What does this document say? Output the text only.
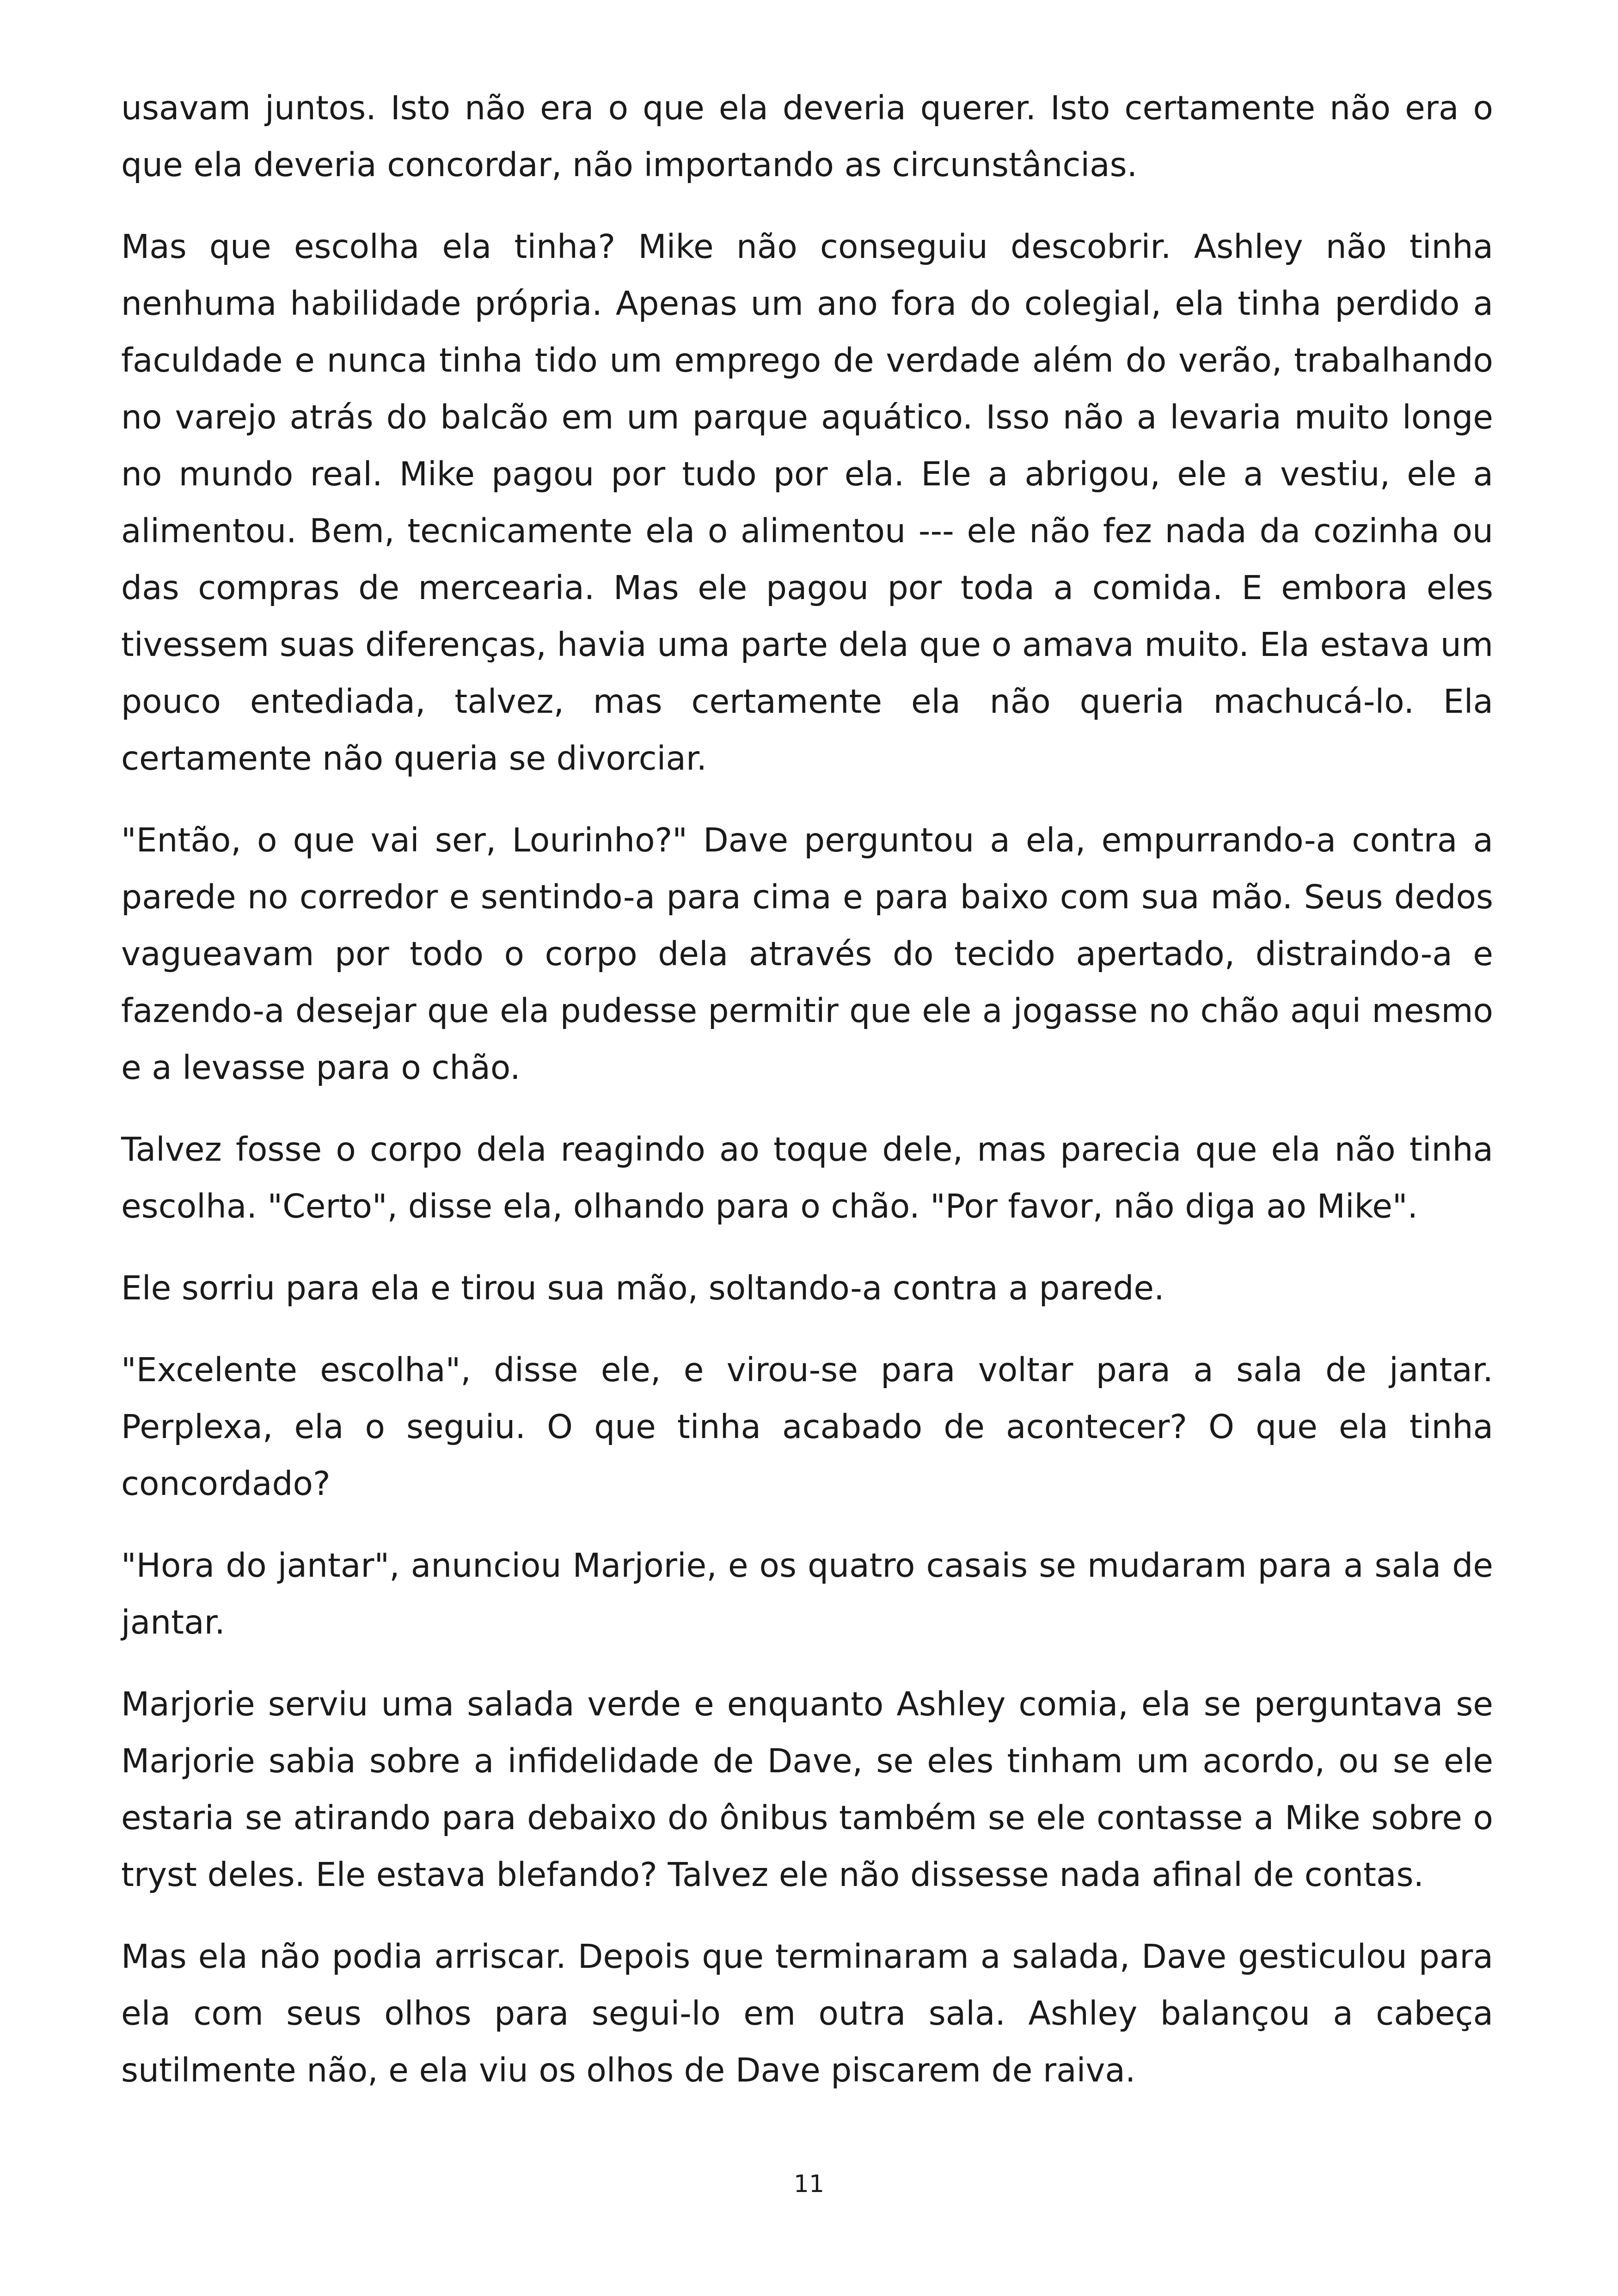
usavam juntos. Isto não era o que ela deveria querer. Isto certamente não era o que ela deveria concordar, não importando as circunstâncias.

Mas que escolha ela tinha? Mike não conseguiu descobrir. Ashley não tinha nenhuma habilidade própria. Apenas um ano fora do colegial, ela tinha perdido a faculdade e nunca tinha tido um emprego de verdade além do verão, trabalhando no varejo atrás do balcão em um parque aquático. Isso não a levaria muito longe no mundo real. Mike pagou por tudo por ela. Ele a abrigou, ele a vestiu, ele a alimentou. Bem, tecnicamente ela o alimentou --- ele não fez nada da cozinha ou das compras de mercearia. Mas ele pagou por toda a comida. E embora eles tivessem suas diferenças, havia uma parte dela que o amava muito. Ela estava um pouco entediada, talvez, mas certamente ela não queria machucá-lo. Ela certamente não queria se divorciar.

"Então, o que vai ser, Lourinho?" Dave perguntou a ela, empurrando-a contra a parede no corredor e sentindo-a para cima e para baixo com sua mão. Seus dedos vagueavam por todo o corpo dela através do tecido apertado, distraindo-a e fazendo-a desejar que ela pudesse permitir que ele a jogasse no chão aqui mesmo e a levasse para o chão.

Talvez fosse o corpo dela reagindo ao toque dele, mas parecia que ela não tinha escolha. "Certo", disse ela, olhando para o chão. "Por favor, não diga ao Mike".

Ele sorriu para ela e tirou sua mão, soltando-a contra a parede.

"Excelente escolha", disse ele, e virou-se para voltar para a sala de jantar. Perplexa, ela o seguiu. O que tinha acabado de acontecer? O que ela tinha concordado?

"Hora do jantar", anunciou Marjorie, e os quatro casais se mudaram para a sala de jantar.

Marjorie serviu uma salada verde e enquanto Ashley comia, ela se perguntava se Marjorie sabia sobre a infidelidade de Dave, se eles tinham um acordo, ou se ele estaria se atirando para debaixo do ônibus também se ele contasse a Mike sobre o tryst deles. Ele estava blefando? Talvez ele não dissesse nada afinal de contas.

Mas ela não podia arriscar. Depois que terminaram a salada, Dave gesticulou para ela com seus olhos para segui-lo em outra sala. Ashley balançou a cabeça sutilmente não, e ela viu os olhos de Dave piscarem de raiva.

11
